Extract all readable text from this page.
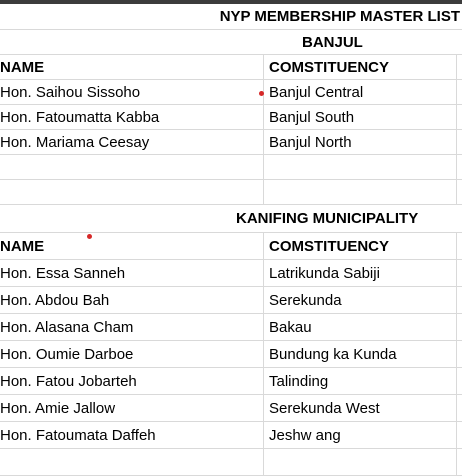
NYP MEMBERSHIP MASTER LIST
BANJUL
NAME	COMSTITUENCY
Hon. Saihou Sissoho	Banjul Central
Hon. Fatoumatta Kabba	Banjul South
Hon. Mariama Ceesay	Banjul North
KANIFING MUNICIPALITY
NAME	COMSTITUENCY
Hon. Essa Sanneh	Latrikunda Sabiji
Hon. Abdou Bah	Serekunda
Hon. Alasana Cham	Bakau
Hon. Oumie Darboe	Bundung ka Kunda
Hon. Fatou Jobarteh	Talinding
Hon. Amie Jallow	Serekunda West
Hon. Fatoumata Daffeh	Jeshw ang
